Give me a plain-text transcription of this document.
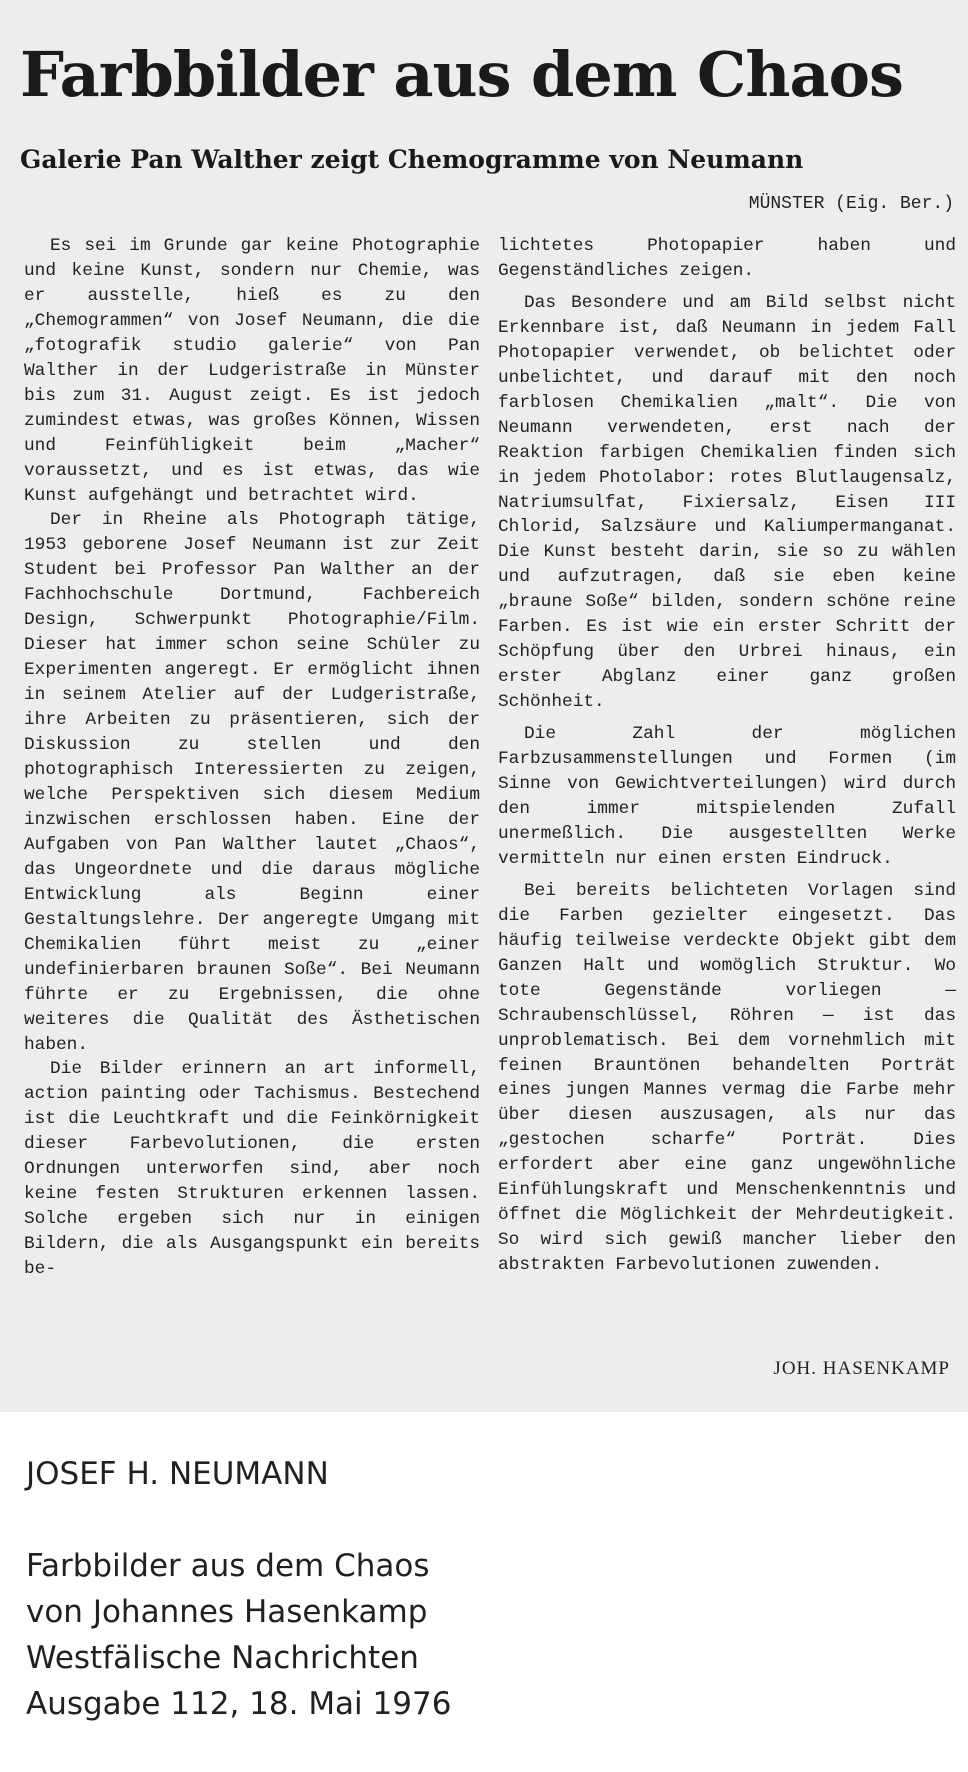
Farbbilder aus dem Chaos
Galerie Pan Walther zeigt Chemogramme von Neumann
MÜNSTER (Eig. Ber.)

Es sei im Grunde gar keine Photographie und keine Kunst, sondern nur Chemie, was er ausstelle, hieß es zu den „Chemogrammen“ von Josef Neumann, die die „fotografik studio galerie“ von Pan Walther in der Ludgeristraße in Münster bis zum 31. August zeigt. Es ist jedoch zumindest etwas, was großes Können, Wissen und Feinfühligkeit beim „Macher“ voraussetzt, und es ist etwas, das wie Kunst aufgehängt und betrachtet wird.

Der in Rheine als Photograph tätige, 1953 geborene Josef Neumann ist zur Zeit Student bei Professor Pan Walther an der Fachhochschule Dortmund, Fachbereich Design, Schwerpunkt Photographie/Film. Dieser hat immer schon seine Schüler zu Experimenten angeregt. Er ermöglicht ihnen in seinem Atelier auf der Ludgeristraße, ihre Arbeiten zu präsentieren, sich der Diskussion zu stellen und den photographisch Interessierten zu zeigen, welche Perspektiven sich diesem Medium inzwischen erschlossen haben. Eine der Aufgaben von Pan Walther lautet „Chaos“, das Ungeordnete und die daraus mögliche Entwicklung als Beginn einer Gestaltungslehre. Der angeregte Umgang mit Chemikalien führt meist zu „einer undefinierbaren braunen Soße“. Bei Neumann führte er zu Ergebnissen, die ohne weiteres die Qualität des Ästhetischen haben.

Die Bilder erinnern an art informell, action painting oder Tachismus. Bestechend ist die Leuchtkraft und die Feinkörnigkeit dieser Farbevolutionen, die ersten Ordnungen unterworfen sind, aber noch keine festen Strukturen erkennen lassen. Solche ergeben sich nur in einigen Bildern, die als Ausgangspunkt ein bereits be-

lichtetes Photopapier haben und Gegenständliches zeigen.

Das Besondere und am Bild selbst nicht Erkennbare ist, daß Neumann in jedem Fall Photopapier verwendet, ob belichtet oder unbelichtet, und darauf mit den noch farblosen Chemikalien „malt“. Die von Neumann verwendeten, erst nach der Reaktion farbigen Chemikalien finden sich in jedem Photolabor: rotes Blutlaugensalz, Natriumsulfat, Fixiersalz, Eisen III Chlorid, Salzsäure und Kaliumpermanganat. Die Kunst besteht darin, sie so zu wählen und aufzutragen, daß sie eben keine „braune Soße“ bilden, sondern schöne reine Farben. Es ist wie ein erster Schritt der Schöpfung über den Urbrei hinaus, ein erster Abglanz einer ganz großen Schönheit.

Die Zahl der möglichen Farbzusammenstellungen und Formen (im Sinne von Gewichtverteilungen) wird durch den immer mitspielenden Zufall unermeßlich. Die ausgestellten Werke vermitteln nur einen ersten Eindruck.

Bei bereits belichteten Vorlagen sind die Farben gezielter eingesetzt. Das häufig teilweise verdeckte Objekt gibt dem Ganzen Halt und womöglich Struktur. Wo tote Gegenstände vorliegen — Schraubenschlüssel, Röhren — ist das unproblematisch. Bei dem vornehmlich mit feinen Brauntönen behandelten Porträt eines jungen Mannes vermag die Farbe mehr über diesen auszusagen, als nur das „gestochen scharfe“ Porträt. Dies erfordert aber eine ganz ungewöhnliche Einfühlungskraft und Menschenkenntnis und öffnet die Möglichkeit der Mehrdeutigkeit. So wird sich gewiß mancher lieber den abstrakten Farbevolutionen zuwenden.

JOH. HASENKAMP

JOSEF H. NEUMANN

Farbbilder aus dem Chaos
von Johannes Hasenkamp
Westfälische Nachrichten
Ausgabe 112, 18. Mai 1976
